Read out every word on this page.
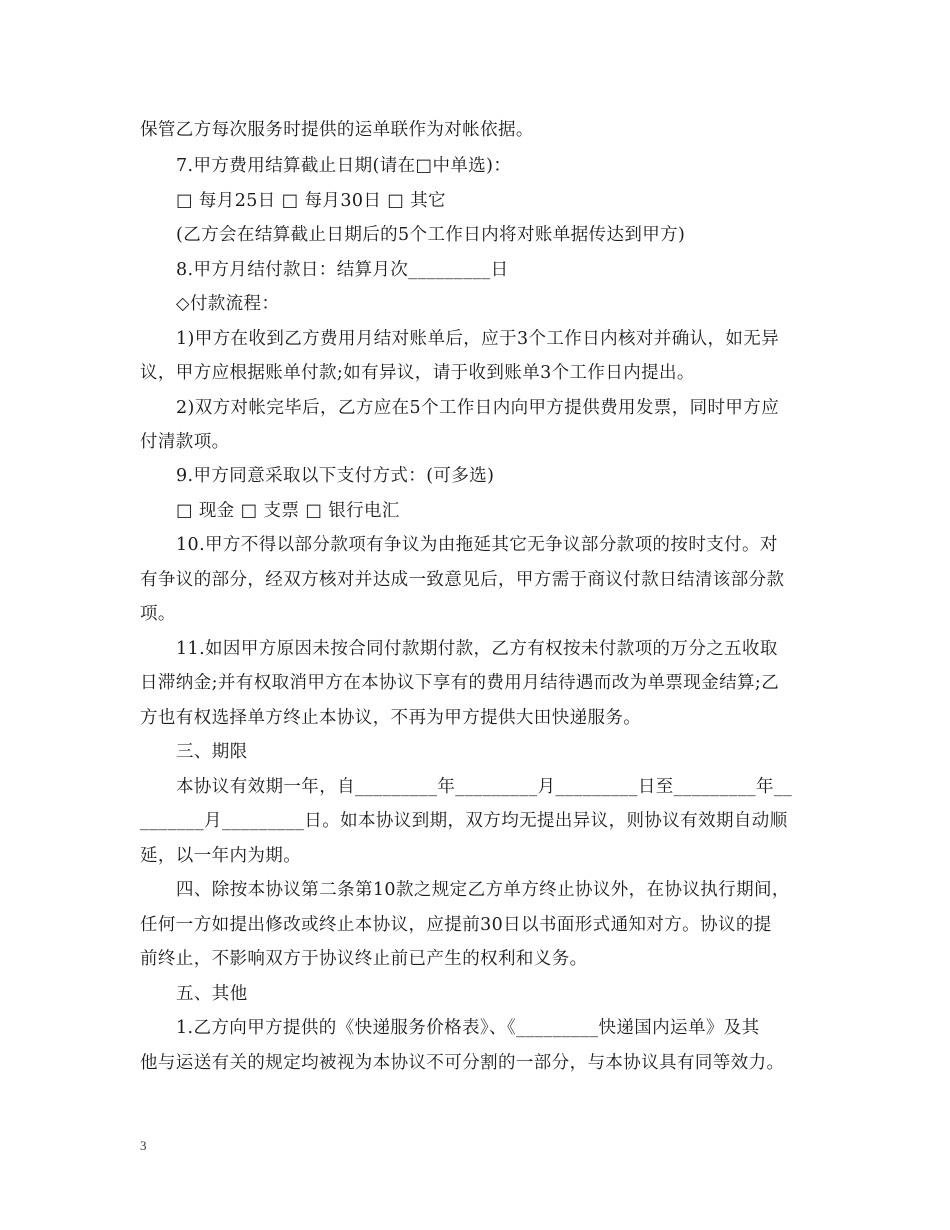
保管乙方每次服务时提供的运单联作为对帐依据。
7.甲方费用结算截止日期(请在□中单选)：
□ 每月25日 □ 每月30日 □ 其它
(乙方会在结算截止日期后的5个工作日内将对账单据传达到甲方)
8.甲方月结付款日：结算月次_________日
◇付款流程：
1)甲方在收到乙方费用月结对账单后，应于3个工作日内核对并确认，如无异
议，甲方应根据账单付款;如有异议，请于收到账单3个工作日内提出。
2)双方对帐完毕后，乙方应在5个工作日内向甲方提供费用发票，同时甲方应
付清款项。
9.甲方同意采取以下支付方式：(可多选)
□ 现金 □ 支票 □ 银行电汇
10.甲方不得以部分款项有争议为由拖延其它无争议部分款项的按时支付。对
有争议的部分，经双方核对并达成一致意见后，甲方需于商议付款日结清该部分款
项。
11.如因甲方原因未按合同付款期付款，乙方有权按未付款项的万分之五收取
日滞纳金;并有权取消甲方在本协议下享有的费用月结待遇而改为单票现金结算;乙
方也有权选择单方终止本协议，不再为甲方提供大田快递服务。
三、期限
本协议有效期一年，自_________年_________月_________日至_________年__
_______月_________日。如本协议到期，双方均无提出异议，则协议有效期自动顺
延，以一年内为期。
四、除按本协议第二条第10款之规定乙方单方终止协议外，在协议执行期间，
任何一方如提出修改或终止本协议，应提前30日以书面形式通知对方。协议的提
前终止，不影响双方于协议终止前已产生的权利和义务。
五、其他
1.乙方向甲方提供的《快递服务价格表》、《_________快递国内运单》及其
他与运送有关的规定均被视为本协议不可分割的一部分，与本协议具有同等效力。
3
